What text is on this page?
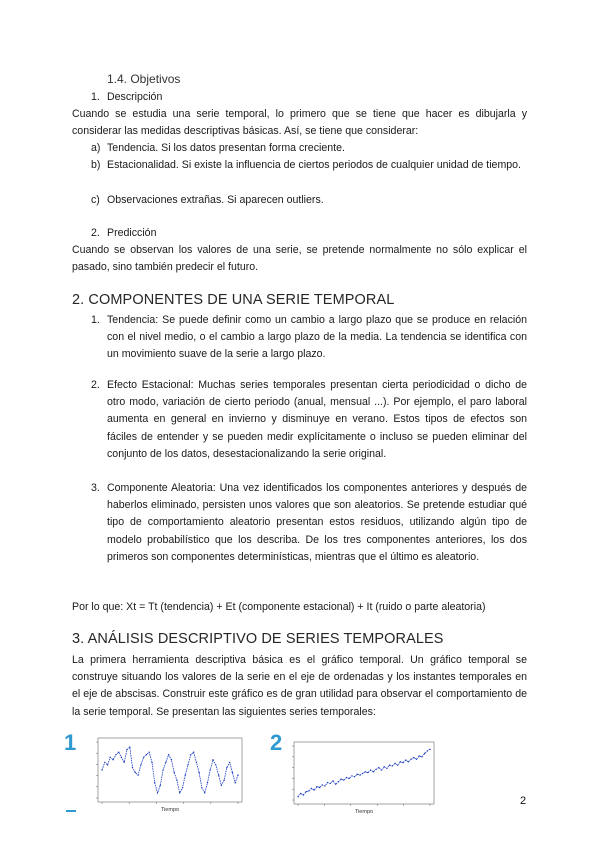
1.4. Objetivos
1. Descripción
Cuando se estudia una serie temporal, lo primero que se tiene que hacer es dibujarla y considerar las medidas descriptivas básicas. Así, se tiene que considerar:
a) Tendencia. Si los datos presentan forma creciente.
b) Estacionalidad. Si existe la influencia de ciertos periodos de cualquier unidad de tiempo.
c) Observaciones extrañas. Si aparecen outliers.
2. Predicción
Cuando se observan los valores de una serie, se pretende normalmente no sólo explicar el pasado, sino también predecir el futuro.
2. COMPONENTES DE UNA SERIE TEMPORAL
1. Tendencia: Se puede definir como un cambio a largo plazo que se produce en relación con el nivel medio, o el cambio a largo plazo de la media. La tendencia se identifica con un movimiento suave de la serie a largo plazo.
2. Efecto Estacional: Muchas series temporales presentan cierta periodicidad o dicho de otro modo, variación de cierto periodo (anual, mensual ...). Por ejemplo, el paro laboral aumenta en general en invierno y disminuye en verano. Estos tipos de efectos son fáciles de entender y se pueden medir explícitamente o incluso se pueden eliminar del conjunto de los datos, desestacionalizando la serie original.
3. Componente Aleatoria: Una vez identificados los componentes anteriores y después de haberlos eliminado, persisten unos valores que son aleatorios. Se pretende estudiar qué tipo de comportamiento aleatorio presentan estos residuos, utilizando algún tipo de modelo probabilístico que los describa. De los tres componentes anteriores, los dos primeros son componentes determinísticas, mientras que el último es aleatorio.
Por lo que: Xt = Tt (tendencia) + Et (componente estacional) + It (ruido o parte aleatoria)
3. ANÁLISIS DESCRIPTIVO DE SERIES TEMPORALES
La primera herramienta descriptiva básica es el gráfico temporal. Un gráfico temporal se construye situando los valores de la serie en el eje de ordenadas y los instantes temporales en el eje de abscisas. Construir este gráfico es de gran utilidad para observar el comportamiento de la serie temporal. Se presentan las siguientes series temporales:
1	2
Tiempo	Tiempo
2
